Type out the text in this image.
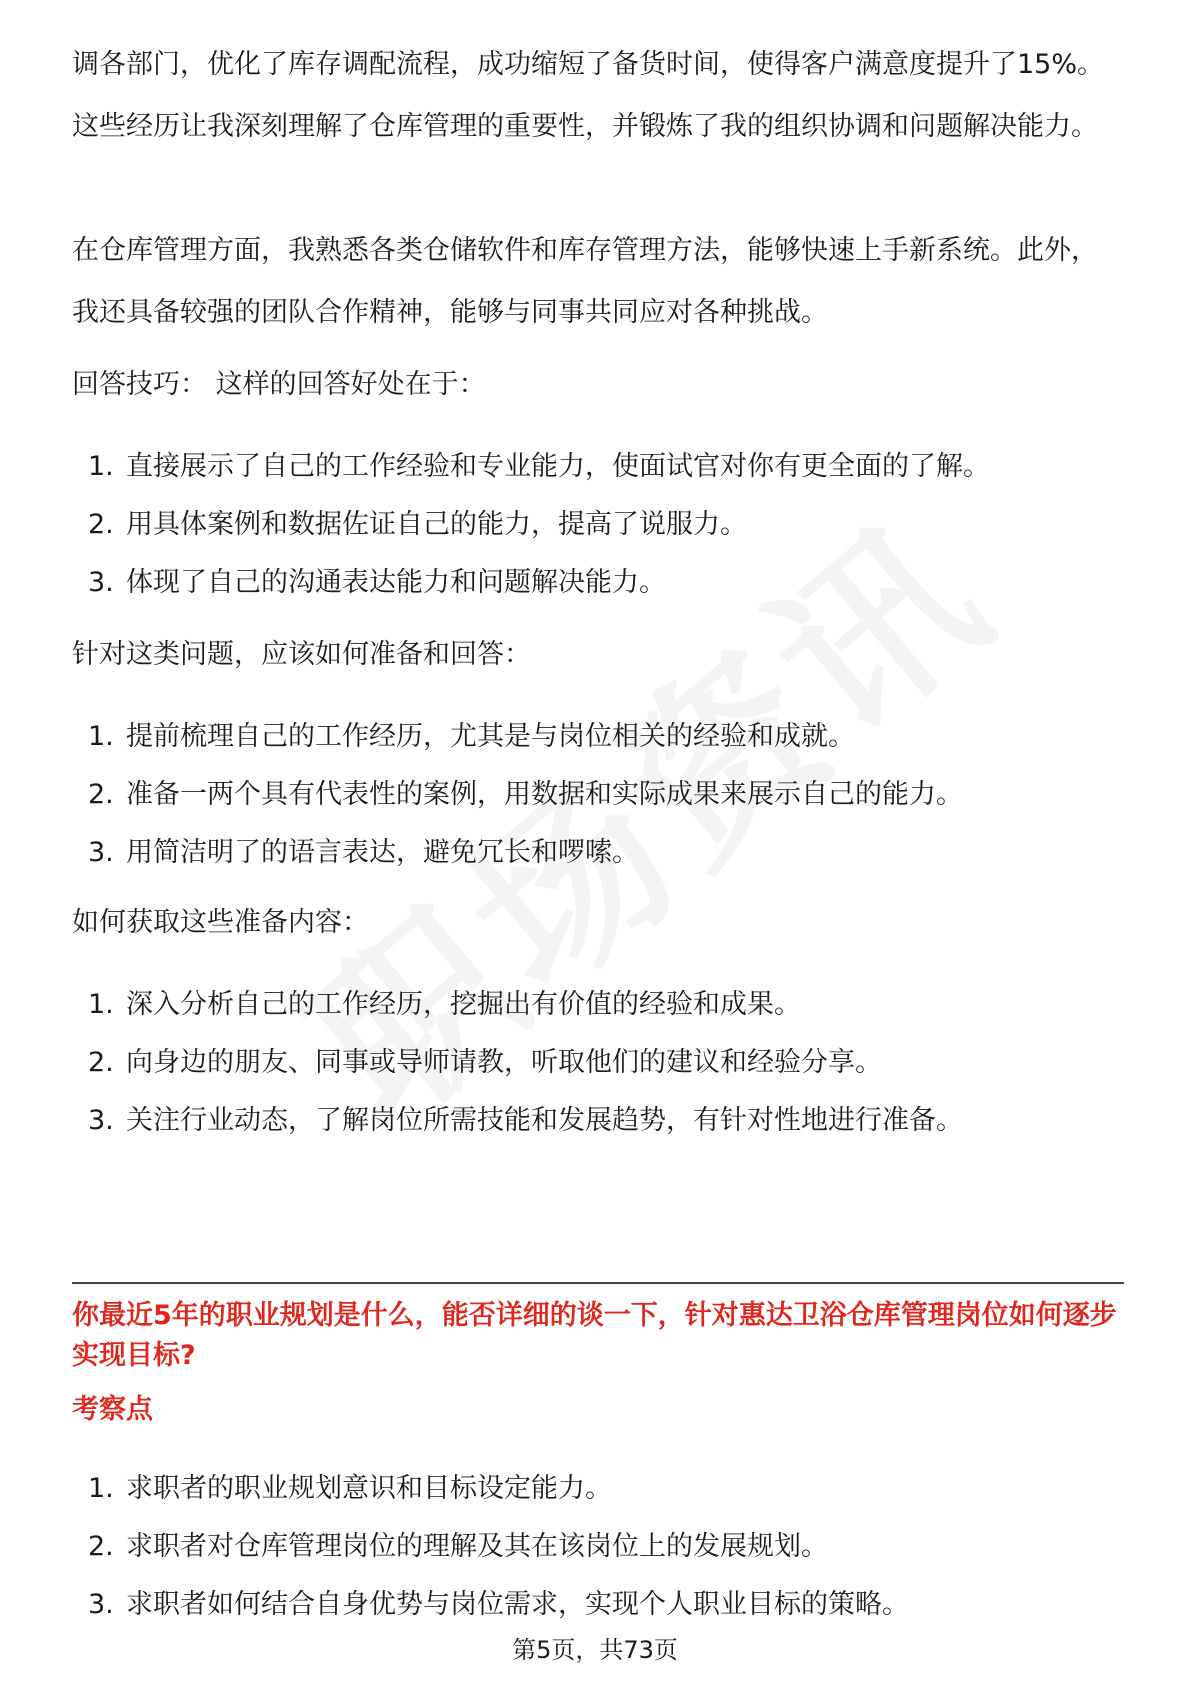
调各部门，优化了库存调配流程，成功缩短了备货时间，使得客户满意度提升了15%。这些经历让我深刻理解了仓库管理的重要性，并锻炼了我的组织协调和问题解决能力。

在仓库管理方面，我熟悉各类仓储软件和库存管理方法，能够快速上手新系统。此外，我还具备较强的团队合作精神，能够与同事共同应对各种挑战。

回答技巧： 这样的回答好处在于：

1. 直接展示了自己的工作经验和专业能力，使面试官对你有更全面的了解。
2. 用具体案例和数据佐证自己的能力，提高了说服力。
3. 体现了自己的沟通表达能力和问题解决能力。

针对这类问题，应该如何准备和回答：

1. 提前梳理自己的工作经历，尤其是与岗位相关的经验和成就。
2. 准备一两个具有代表性的案例，用数据和实际成果来展示自己的能力。
3. 用简洁明了的语言表达，避免冗长和啰嗦。

如何获取这些准备内容：

1. 深入分析自己的工作经历，挖掘出有价值的经验和成果。
2. 向身边的朋友、同事或导师请教，听取他们的建议和经验分享。
3. 关注行业动态，了解岗位所需技能和发展趋势，有针对性地进行准备。

你最近5年的职业规划是什么，能否详细的谈一下，针对惠达卫浴仓库管理岗位如何逐步实现目标?

考察点

1. 求职者的职业规划意识和目标设定能力。
2. 求职者对仓库管理岗位的理解及其在该岗位上的发展规划。
3. 求职者如何结合自身优势与岗位需求，实现个人职业目标的策略。
第5页，共73页
